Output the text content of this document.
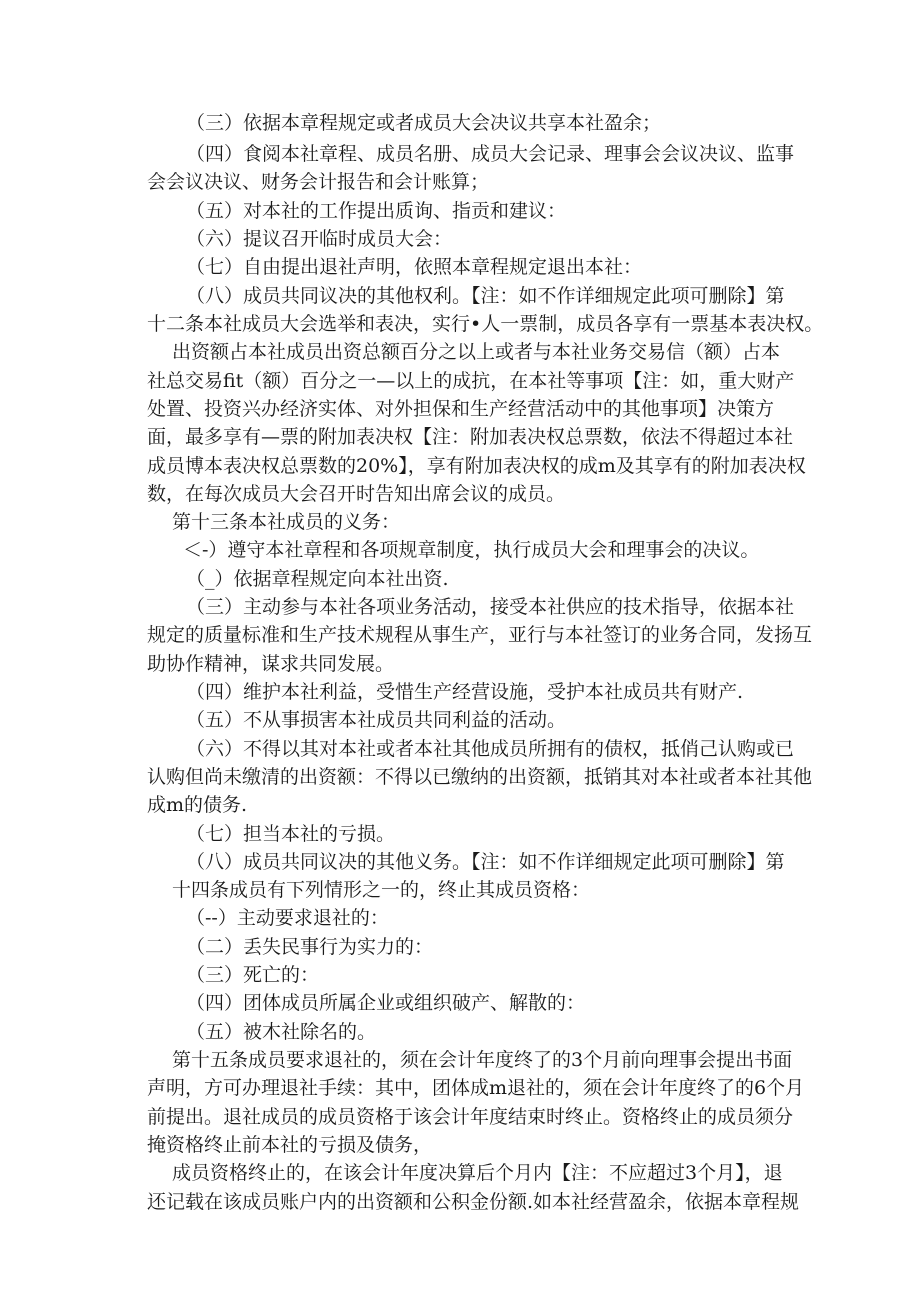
（三）依据本章程规定或者成员大会决议共享本社盈余；

（四）食阅本社章程、成员名册、成员大会记录、理事会会议决议、监事

会会议决议、财务会计报告和会计账算；

（五）对本社的工作提出质询、指贡和建议：

（六）提议召开临时成员大会：

（七）自由提出退社声明，依照本章程规定退出本社：

（八）成员共同议决的其他权利。【注：如不作详细规定此项可删除】第

十二条本社成员大会选举和表决，实行•人一票制，成员各享有一票基本表决权。

出资额占本社成员出资总额百分之以上或者与本社业务交易信（额）占本

社总交易fit（额）百分之一—以上的成抗，在本社等事项【注：如，重大财产

处置、投资兴办经济实体、对外担保和生产经营活动中的其他事项】决策方

面，最多享有—票的附加表决权【注：附加表决权总票数，依法不得超过本社

成员博本表决权总票数的20%】，享有附加表决权的成m及其享有的附加表决权

数，在每次成员大会召开时告知出席会议的成员。

第十三条本社成员的义务：

＜-）遵守本社章程和各项规章制度，执行成员大会和理事会的决议。

（_）依据章程规定向本社出资.

（三）主动参与本社各项业务活动，接受本社供应的技术指导，依据本社

规定的质量标准和生产技术规程从事生产，亚行与本社签订的业务合同，发扬互

助协作精神，谋求共同发展。

（四）维护本社利益，受惜生产经营设施，受护本社成员共有财产.

（五）不从事损害本社成员共同利益的活动。

（六）不得以其对本社或者本社其他成员所拥有的债权，抵俏己认购或已

认购但尚未缴清的出资额：不得以已缴纳的出资额，抵销其对本社或者本社其他

成m的债务.

（七）担当本社的亏损。

（八）成员共同议决的其他义务。【注：如不作详细规定此项可删除】第

十四条成员有下列情形之一的，终止其成员资格：

（--）主动要求退社的：

（二）丢失民事行为实力的：

（三）死亡的：

（四）团体成员所属企业或组织破产、解散的：

（五）被木社除名的。

第十五条成员要求退社的，须在会计年度终了的3个月前向理事会提出书面

声明，方可办理退社手续：其中，团体成m退社的，须在会计年度终了的6个月

前提出。退社成员的成员资格于该会计年度结束时终止。资格终止的成员须分

掩资格终止前本社的亏损及债务，

成员资格终止的，在该会计年度决算后个月内【注：不应超过3个月】，退

还记载在该成员账户内的出资额和公积金份额.如本社经营盈余，依据本章程规
